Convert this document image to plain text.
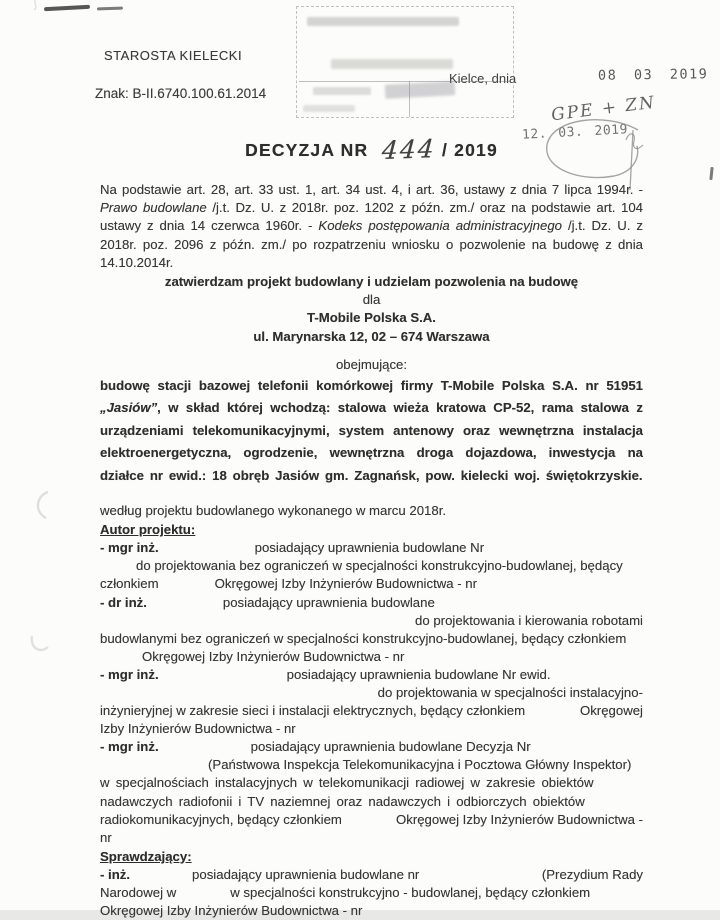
STAROSTA KIELECKI
Znak: B-II.6740.100.61.2014
Kielce, dnia	08 03 2019
GPE + ZN
12. 03. 2019
DECYZJA NR 444 / 2019

Na podstawie art. 28, art. 33 ust. 1, art. 34 ust. 4, i art. 36, ustawy z dnia 7 lipca 1994r. - Prawo budowlane /j.t. Dz. U. z 2018r. poz. 1202 z późn. zm./ oraz na podstawie art. 104 ustawy z dnia 14 czerwca 1960r. - Kodeks postępowania administracyjnego /j.t. Dz. U. z 2018r. poz. 2096 z późn. zm./ po rozpatrzeniu wniosku o pozwolenie na budowę z dnia 14.10.2014r.

zatwierdzam projekt budowlany i udzielam pozwolenia na budowę
dla
T-Mobile Polska S.A.
ul. Marynarska 12, 02 – 674 Warszawa
obejmujące:

budowę stacji bazowej telefonii komórkowej firmy T-Mobile Polska S.A. nr 51951 „Jasiów”, w skład której wchodzą: stalowa wieża kratowa CP-52, rama stalowa z urządzeniami telekomunikacyjnymi, system antenowy oraz wewnętrzna instalacja elektroenergetyczna, ogrodzenie, wewnętrzna droga dojazdowa, inwestycja na działce nr ewid.: 18 obręb Jasiów gm. Zagnańsk, pow. kielecki woj. świętokrzyskie.

według projektu budowlanego wykonanego w marcu 2018r.
Autor projektu:
- mgr inż.	posiadający uprawnienia budowlane Nr
do projektowania bez ograniczeń w specjalności konstrukcyjno-budowlanej, będący
członkiem	Okręgowej Izby Inżynierów Budownictwa - nr
- dr inż.	posiadający uprawnienia budowlane
do projektowania i kierowania robotami
budowlanymi bez ograniczeń w specjalności konstrukcyjno-budowlanej, będący członkiem
Okręgowej Izby Inżynierów Budownictwa - nr
- mgr inż.	posiadający uprawnienia budowlane Nr ewid.
do projektowania w specjalności instalacyjno-
inżynieryjnej w zakresie sieci i instalacji elektrycznych, będący członkiem	Okręgowej
Izby Inżynierów Budownictwa - nr
- mgr inż.	posiadający uprawnienia budowlane Decyzja Nr
(Państwowa Inspekcja Telekomunikacyjna i Pocztowa Główny Inspektor)
w specjalnościach instalacyjnych w telekomunikacji radiowej w zakresie obiektów
nadawczych radiofonii i TV naziemnej oraz nadawczych i odbiorczych obiektów
radiokomunikacyjnych, będący członkiem	Okręgowej Izby Inżynierów Budownictwa -
nr
Sprawdzający:
- inż.	posiadający uprawnienia budowlane nr	(Prezydium Rady
Narodowej w	w specjalności konstrukcyjno - budowlanej, będący członkiem
Okręgowej Izby Inżynierów Budownictwa - nr
